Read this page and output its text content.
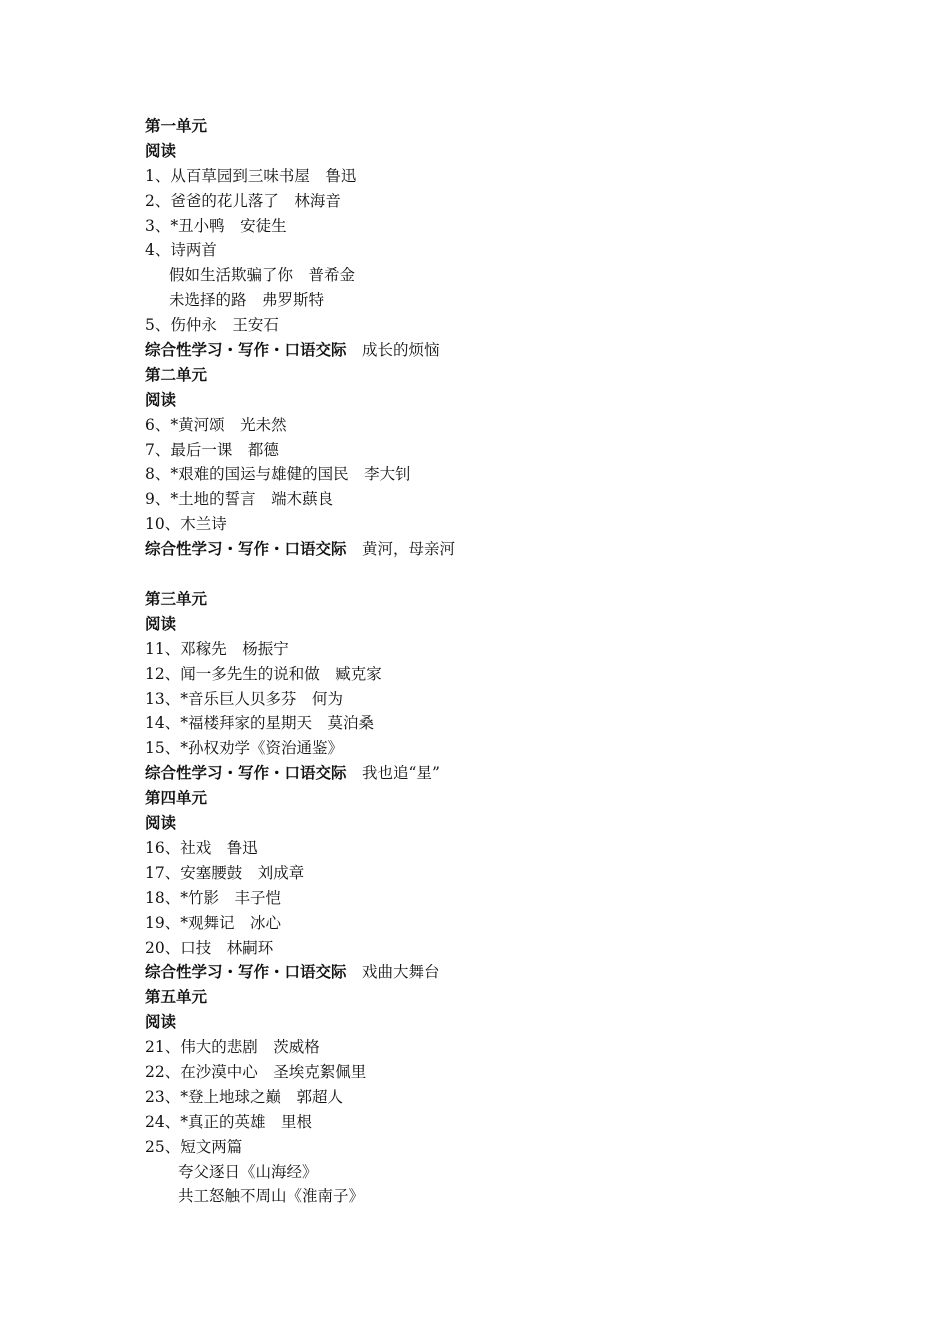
第一单元
阅读
1、从百草园到三味书屋　鲁迅
2、爸爸的花儿落了　林海音
3、*丑小鸭　安徒生
4、诗两首
假如生活欺骗了你　普希金
未选择的路　弗罗斯特
5、伤仲永　王安石
综合性学习・写作・口语交际　 成长的烦恼
第二单元
阅读
6、*黄河颂　光未然
7、最后一课　都德
8、*艰难的国运与雄健的国民　李大钊
9、*土地的誓言　端木蕻良
10、木兰诗
综合性学习・写作・口语交际　 黄河，母亲河
第三单元
阅读
11、邓稼先　杨振宁
12、闻一多先生的说和做　臧克家
13、*音乐巨人贝多芬　何为
14、*福楼拜家的星期天　莫泊桑
15、*孙权劝学《资治通鉴》
综合性学习・写作・口语交际　 我也追“星”
第四单元
阅读
16、社戏　鲁迅
17、安塞腰鼓　刘成章
18、*竹影　丰子恺
19、*观舞记　冰心
20、口技　林嗣环
综合性学习・写作・口语交际　 戏曲大舞台
第五单元
阅读
21、伟大的悲剧　茨威格
22、在沙漠中心　圣埃克絮佩里
23、*登上地球之巅　郭超人
24、*真正的英雄　里根
25、短文两篇
夸父逐日《山海经》
共工怒触不周山《淮南子》
